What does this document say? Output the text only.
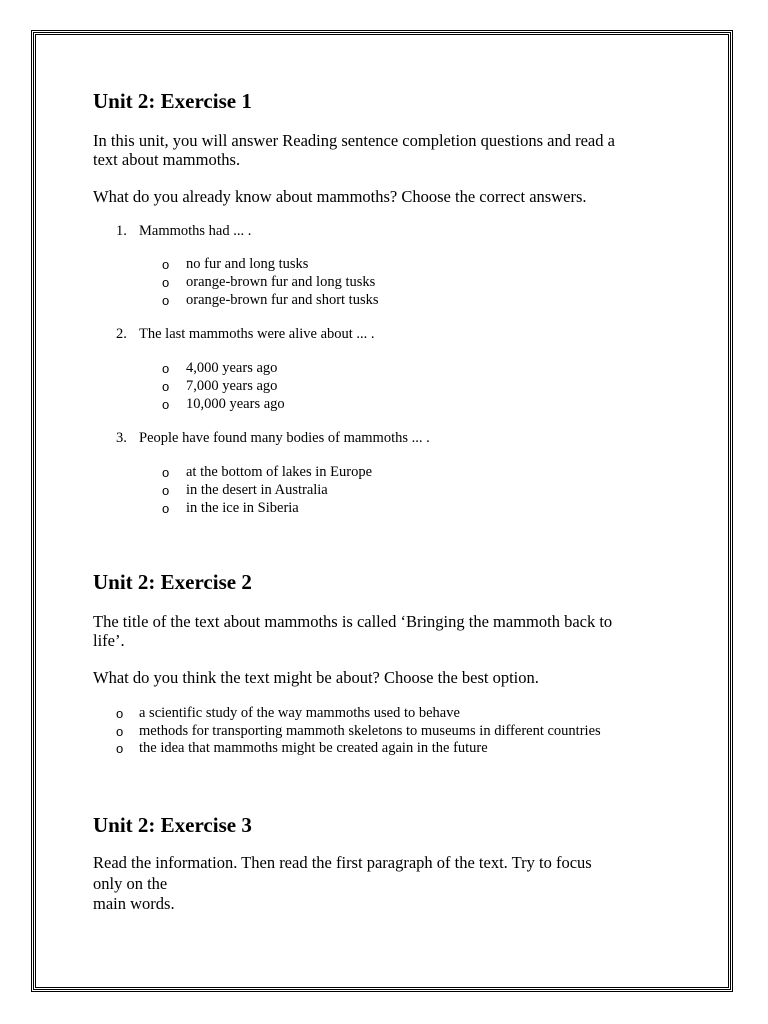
Unit 2: Exercise 1

In this unit, you will answer Reading sentence completion questions and read a

text about mammoths.

What do you already know about mammoths? Choose the correct answers.

1. Mammoths had ... .
o no fur and long tusks
o orange-brown fur and long tusks
o orange-brown fur and short tusks
2. The last mammoths were alive about ... .
o 4,000 years ago
o 7,000 years ago
o 10,000 years ago
3. People have found many bodies of mammoths ... .
o at the bottom of lakes in Europe
o in the desert in Australia
o in the ice in Siberia
Unit 2: Exercise 2

The title of the text about mammoths is called ‘Bringing the mammoth back to

life’.

What do you think the text might be about? Choose the best option.

o a scientific study of the way mammoths used to behave
o methods for transporting mammoth skeletons to museums in different countries
o the idea that mammoths might be created again in the future
Unit 2: Exercise 3

Read the information. Then read the first paragraph of the text. Try to focus

only on the

main words.
